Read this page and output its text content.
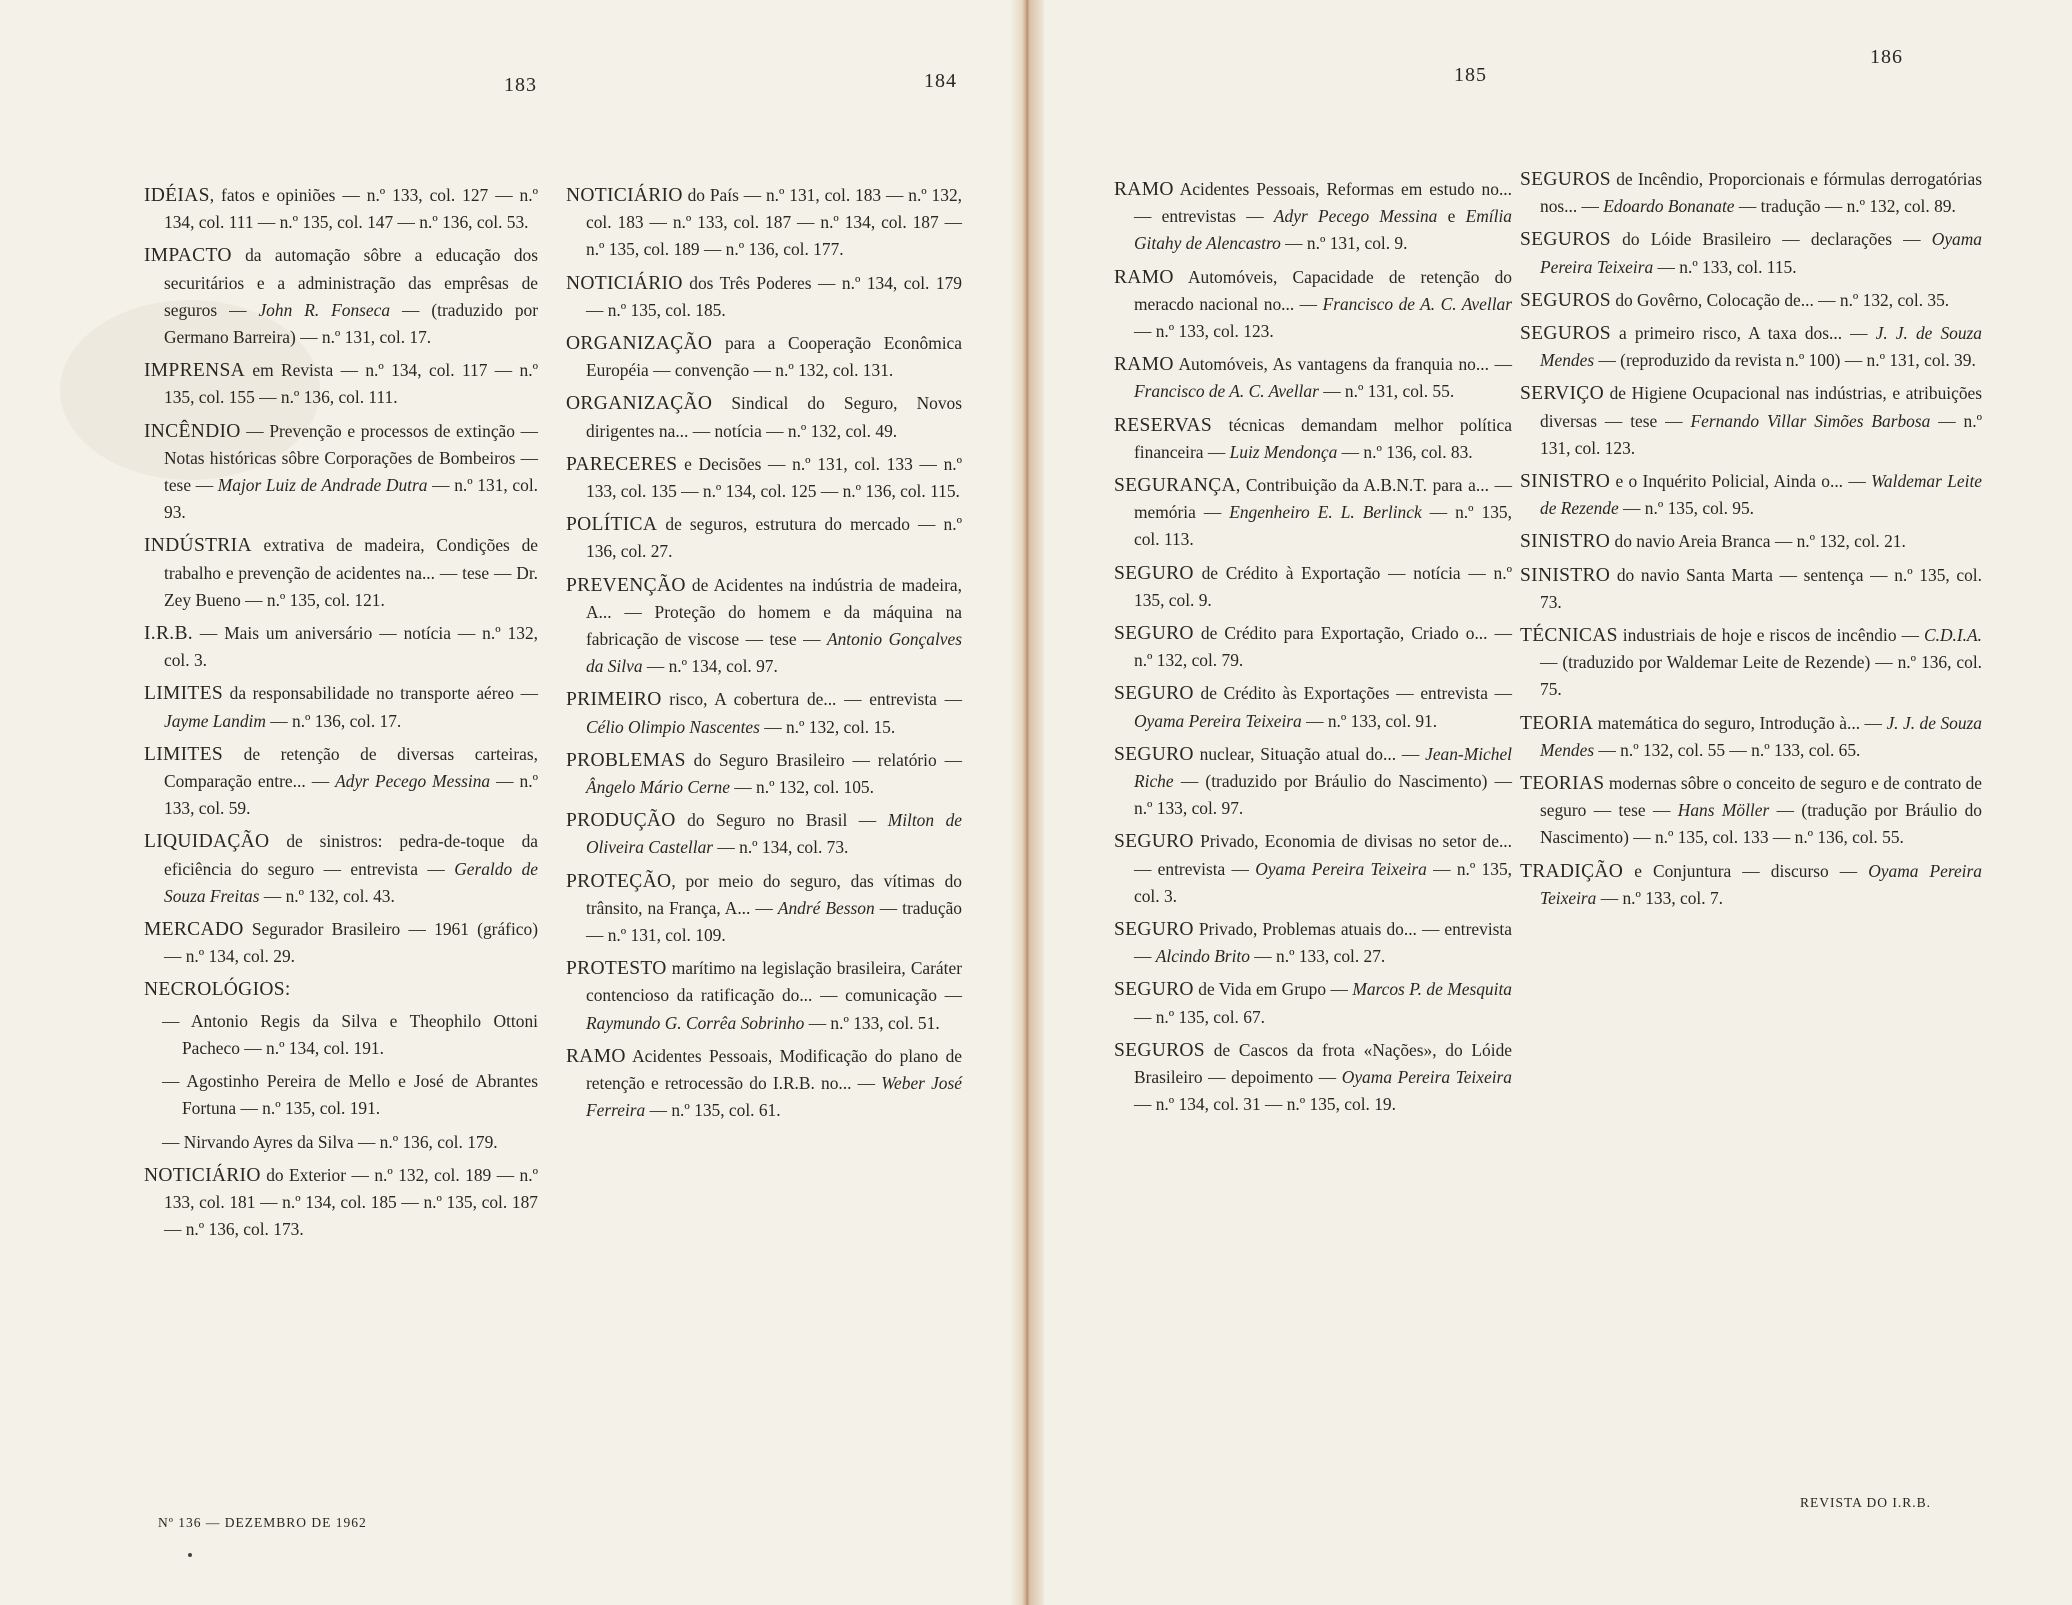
183	184

IDÉIAS, fatos e opiniões — n.º 133, col. 127 — n.º 134, col. 111 — n.º 135, col. 147 — n.º 136, col. 53.

IMPACTO da automação sôbre a educação dos securitários e a administração das emprêsas de seguros — John R. Fonseca — (traduzido por Germano Barreira) — n.º 131, col. 17.

IMPRENSA em Revista — n.º 134, col. 117 — n.º 135, col. 155 — n.º 136, col. 111.

INCÊNDIO — Prevenção e processos de extinção — Notas históricas sôbre Corporações de Bombeiros — tese — Major Luiz de Andrade Dutra — n.º 131, col. 93.

INDÚSTRIA extrativa de madeira, Condições de trabalho e prevenção de acidentes na... — tese — Dr. Zey Bueno — n.º 135, col. 121.

I.R.B. — Mais um aniversário — notícia — n.º 132, col. 3.

LIMITES da responsabilidade no transporte aéreo — Jayme Landim — n.º 136, col. 17.

LIMITES de retenção de diversas carteiras, Comparação entre... — Adyr Pecego Messina — n.º 133, col. 59.

LIQUIDAÇÃO de sinistros: pedra-de-toque da eficiência do seguro — entrevista — Geraldo de Souza Freitas — n.º 132, col. 43.

MERCADO Segurador Brasileiro — 1961 (gráfico) — n.º 134, col. 29.

NECROLÓGIOS:

— Antonio Regis da Silva e Theophilo Ottoni Pacheco — n.º 134, col. 191.

— Agostinho Pereira de Mello e José de Abrantes Fortuna — n.º 135, col. 191.

— Nirvando Ayres da Silva — n.º 136, col. 179.

NOTICIÁRIO do Exterior — n.º 132, col. 189 — n.º 133, col. 181 — n.º 134, col. 185 — n.º 135, col. 187 — n.º 136, col. 173.

NOTICIÁRIO do País — n.º 131, col. 183 — n.º 132, col. 183 — n.º 133, col. 187 — n.º 134, col. 187 — n.º 135, col. 189 — n.º 136, col. 177.

NOTICIÁRIO dos Três Poderes — n.º 134, col. 179 — n.º 135, col. 185.

ORGANIZAÇÃO para a Cooperação Econômica Européia — convenção — n.º 132, col. 131.

ORGANIZAÇÃO Sindical do Seguro, Novos dirigentes na... — notícia — n.º 132, col. 49.

PARECERES e Decisões — n.º 131, col. 133 — n.º 133, col. 135 — n.º 134, col. 125 — n.º 136, col. 115.

POLÍTICA de seguros, estrutura do mercado — n.º 136, col. 27.

PREVENÇÃO de Acidentes na indústria de madeira, A... — Proteção do homem e da máquina na fabricação de viscose — tese — Antonio Gonçalves da Silva — n.º 134, col. 97.

PRIMEIRO risco, A cobertura de... — entrevista — Célio Olimpio Nascentes — n.º 132, col. 15.

PROBLEMAS do Seguro Brasileiro — relatório — Ângelo Mário Cerne — n.º 132, col. 105.

PRODUÇÃO do Seguro no Brasil — Milton de Oliveira Castellar — n.º 134, col. 73.

PROTEÇÃO, por meio do seguro, das vítimas do trânsito, na França, A... — André Besson — tradução — n.º 131, col. 109.

PROTESTO marítimo na legislação brasileira, Caráter contencioso da ratificação do... — comunicação — Raymundo G. Corrêa Sobrinho — n.º 133, col. 51.

RAMO Acidentes Pessoais, Modificação do plano de retenção e retrocessão do I.R.B. no... — Weber José Ferreira — n.º 135, col. 61.

Nº 136 — DEZEMBRO DE 1962
185
186

RAMO Acidentes Pessoais, Reformas em estudo no... — entrevistas — Adyr Pecego Messina e Emília Gitahy de Alencastro — n.º 131, col. 9.

RAMO Automóveis, Capacidade de retenção do meracdo nacional no... — Francisco de A. C. Avellar — n.º 133, col. 123.

RAMO Automóveis, As vantagens da franquia no... — Francisco de A. C. Avellar — n.º 131, col. 55.

RESERVAS técnicas demandam melhor política financeira — Luiz Mendonça — n.º 136, col. 83.

SEGURANÇA, Contribuição da A.B.N.T. para a... — memória — Engenheiro E. L. Berlinck — n.º 135, col. 113.

SEGURO de Crédito à Exportação — notícia — n.º 135, col. 9.

SEGURO de Crédito para Exportação, Criado o... — n.º 132, col. 79.

SEGURO de Crédito às Exportações — entrevista — Oyama Pereira Teixeira — n.º 133, col. 91.

SEGURO nuclear, Situação atual do... — Jean-Michel Riche — (traduzido por Bráulio do Nascimento) — n.º 133, col. 97.

SEGURO Privado, Economia de divisas no setor de... — entrevista — Oyama Pereira Teixeira — n.º 135, col. 3.

SEGURO Privado, Problemas atuais do... — entrevista — Alcindo Brito — n.º 133, col. 27.

SEGURO de Vida em Grupo — Marcos P. de Mesquita — n.º 135, col. 67.

SEGUROS de Cascos da frota «Nações», do Lóide Brasileiro — depoimento — Oyama Pereira Teixeira — n.º 134, col. 31 — n.º 135, col. 19.

SEGUROS de Incêndio, Proporcionais e fórmulas derrogatórias nos... — Edoardo Bonanate — tradução — n.º 132, col. 89.

SEGUROS do Lóide Brasileiro — declarações — Oyama Pereira Teixeira — n.º 133, col. 115.

SEGUROS do Govêrno, Colocação de... — n.º 132, col. 35.

SEGUROS a primeiro risco, A taxa dos... — J. J. de Souza Mendes — (reproduzido da revista n.º 100) — n.º 131, col. 39.

SERVIÇO de Higiene Ocupacional nas indústrias, e atribuições diversas — tese — Fernando Villar Simões Barbosa — n.º 131, col. 123.

SINISTRO e o Inquérito Policial, Ainda o... — Waldemar Leite de Rezende — n.º 135, col. 95.

SINISTRO do navio Areia Branca — n.º 132, col. 21.

SINISTRO do navio Santa Marta — sentença — n.º 135, col. 73.

TÉCNICAS industriais de hoje e riscos de incêndio — C.D.I.A. — (traduzido por Waldemar Leite de Rezende) — n.º 136, col. 75.

TEORIA matemática do seguro, Introdução à... — J. J. de Souza Mendes — n.º 132, col. 55 — n.º 133, col. 65.

TEORIAS modernas sôbre o conceito de seguro e de contrato de seguro — tese — Hans Möller — (tradução por Bráulio do Nascimento) — n.º 135, col. 133 — n.º 136, col. 55.

TRADIÇÃO e Conjuntura — discurso — Oyama Pereira Teixeira — n.º 133, col. 7.

REVISTA DO I.R.B.
